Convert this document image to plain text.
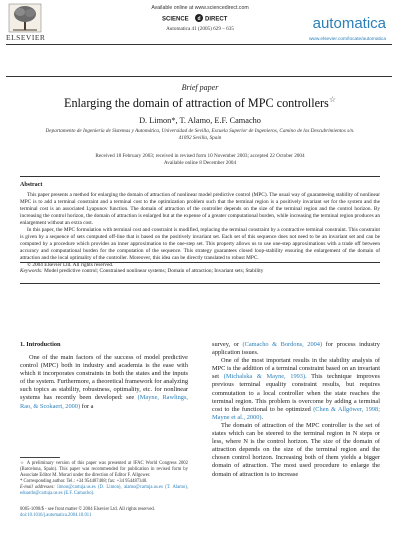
Available online at www.sciencedirect.com
SCIENCE d DIRECT
Automatica 41 (2005) 629 – 635
ELSEVIER
automatica
www.elsevier.com/locate/automatica
Brief paper
Enlarging the domain of attraction of MPC controllers☆
D. Limon*, T. Alamo, E.F. Camacho
Departamento de Ingeniería de Sistemas y Automática, Universidad de Sevilla, Escuela Superior de Ingenieros, Camino de los Descubrimientos s/n.
41092 Sevilla, Spain
Received 18 February 2003; received in revised form 10 November 2003; accepted 22 October 2004
Available online 8 December 2004
Abstract

This paper presents a method for enlarging the domain of attraction of nonlinear model predictive control (MPC). The usual way of guaranteeing stability of nonlinear MPC is to add a terminal constraint and a terminal cost to the optimization problem such that the terminal region is a positively invariant set for the system and the terminal cost is an associated Lyapunov function. The domain of attraction of the controller depends on the size of the terminal region and the control horizon. By increasing the control horizon, the domain of attraction is enlarged but at the expense of a greater computational burden, while increasing the terminal region produces an enlargement without an extra cost.

In this paper, the MPC formulation with terminal cost and constraint is modified, replacing the terminal constraint by a contractive terminal constraint. This constraint is given by a sequence of sets computed off-line that is based on the positively invariant set. Each set of this sequence does not need to be an invariant set and can be computed by a procedure which provides an inner approximation to the one-step set. This property allows us to use one-step approximations with a trade off between accuracy and computational burden for the computation of the sequence. This strategy guarantees closed loop-stability ensuring the enlargement of the domain of attraction and the local optimality of the controller. Moreover, this idea can be directly translated to robust MPC.

© 2004 Elsevier Ltd. All rights reserved.

Keywords: Model predictive control; Constrained nonlinear systems; Domain of attraction; Invariant sets; Stability
1. Introduction

One of the main factors of the success of model predictive control (MPC) both in industry and academia is the ease with which it incorporates constraints in both the states and the inputs of the system. Furthermore, a theoretical framework for analyzing such topics as stability, robustness, optimality, etc. for nonlinear systems has recently been developed: see (Mayne, Rawlings, Rao, & Scokaert, 2000) for a

survey, or (Camacho & Bordons, 2004) for process industry application issues.

One of the most important results in the stability analysis of MPC is the addition of a terminal constraint based on an invariant set (Michalska & Mayne, 1993). This technique improves previous terminal equality constraint results, but requires commutation to a local controller when the state reaches the terminal region. This problem is overcome by adding a terminal cost to the functional to be optimized (Chen & Allgöwer, 1998; Mayne et al., 2000).

The domain of attraction of the MPC controller is the set of states which can be steered to the terminal region in N steps or less, where N is the control horizon. The size of the domain of attraction depends on the size of the terminal region and the chosen control horizon. Increasing both of them yields a bigger domain of attraction. The most used procedure to enlarge the domain of attraction is to increase

☆ A preliminary version of this paper was presented at IFAC World Congress 2002 (Barcelona, Spain). This paper was recommended for publication in revised form by Associate Editor M. Morari under the direction of Editor F. Allgower.

* Corresponding author. Tel.: +34 954487488; fax: +34 954487340.

E-mail addresses: limon@cartuja.us.es (D. Limon), alamo@cartuja.us.es (T. Alamo), eduardo@cartuja.us.es (E.F. Camacho).

0005-1098/$ - see front matter © 2004 Elsevier Ltd. All rights reserved.
doi:10.1016/j.automatica.2004.10.011
